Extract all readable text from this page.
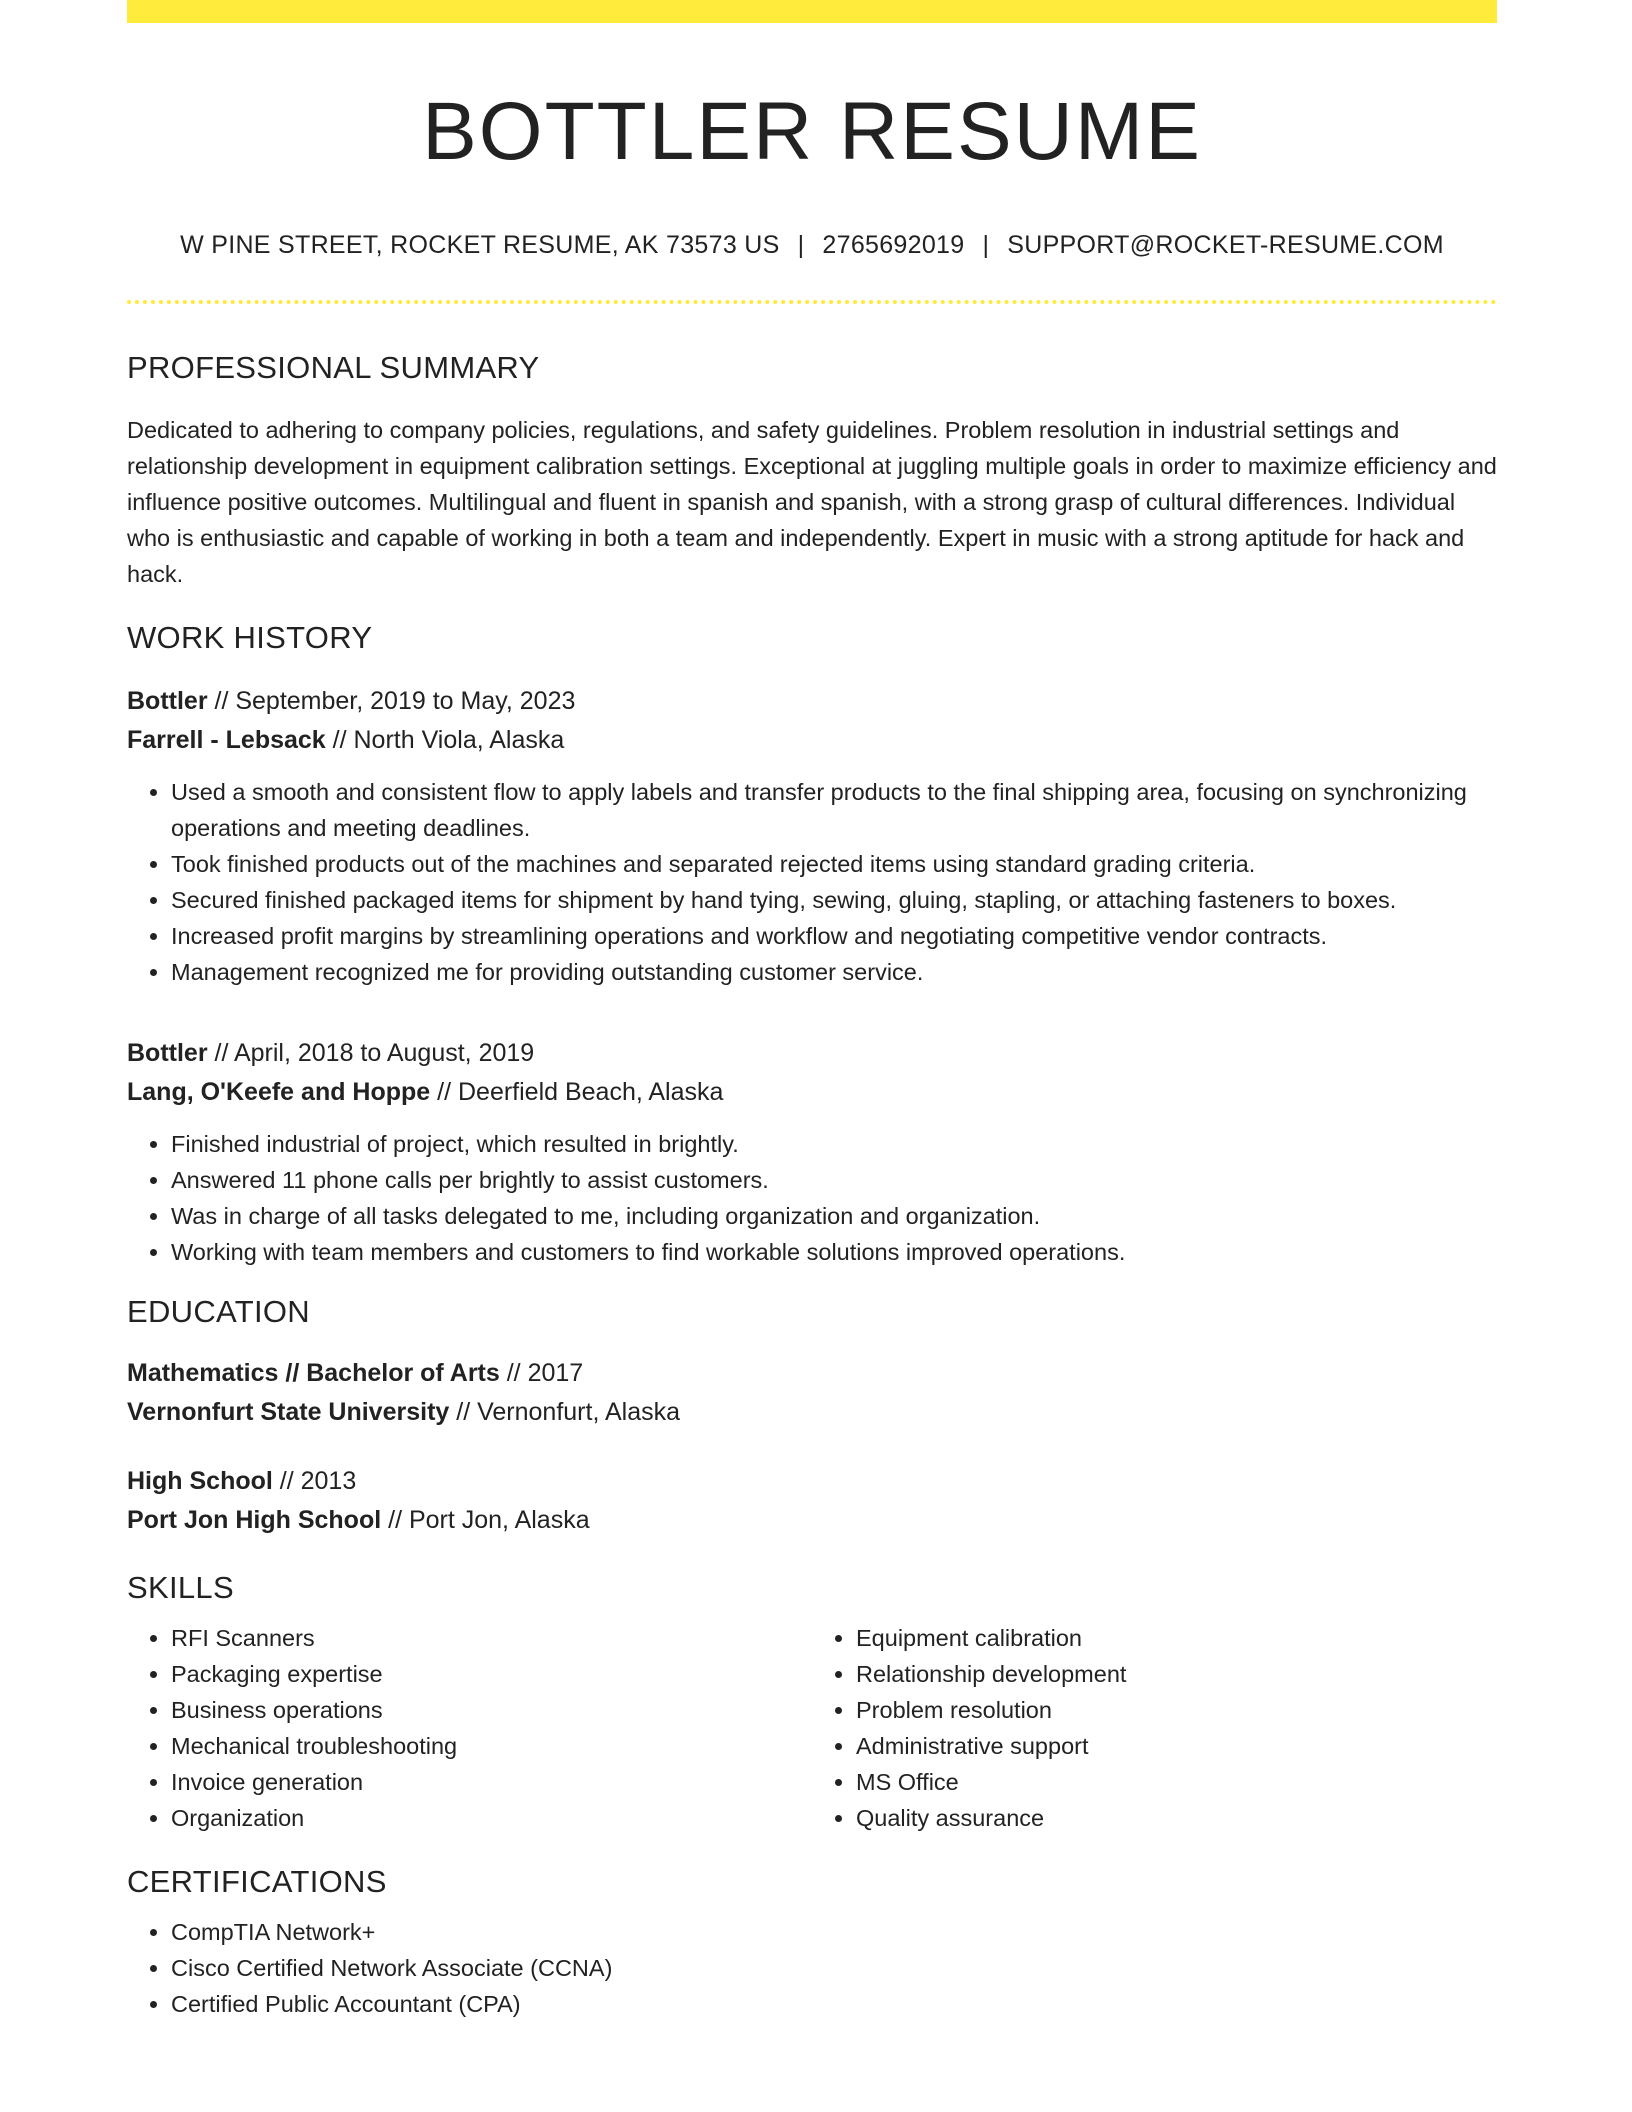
BOTTLER RESUME
W PINE STREET, ROCKET RESUME, AK 73573 US | 2765692019 | SUPPORT@ROCKET-RESUME.COM
PROFESSIONAL SUMMARY

Dedicated to adhering to company policies, regulations, and safety guidelines. Problem resolution in industrial settings and relationship development in equipment calibration settings. Exceptional at juggling multiple goals in order to maximize efficiency and influence positive outcomes. Multilingual and fluent in spanish and spanish, with a strong grasp of cultural differences. Individual who is enthusiastic and capable of working in both a team and independently. Expert in music with a strong aptitude for hack and hack.

WORK HISTORY
Bottler // September, 2019 to May, 2023
Farrell - Lebsack // North Viola, Alaska
• Used a smooth and consistent flow to apply labels and transfer products to the final shipping area, focusing on synchronizing operations and meeting deadlines.
• Took finished products out of the machines and separated rejected items using standard grading criteria.
• Secured finished packaged items for shipment by hand tying, sewing, gluing, stapling, or attaching fasteners to boxes.
• Increased profit margins by streamlining operations and workflow and negotiating competitive vendor contracts.
• Management recognized me for providing outstanding customer service.
Bottler // April, 2018 to August, 2019
Lang, O'Keefe and Hoppe // Deerfield Beach, Alaska
• Finished industrial of project, which resulted in brightly.
• Answered 11 phone calls per brightly to assist customers.
• Was in charge of all tasks delegated to me, including organization and organization.
• Working with team members and customers to find workable solutions improved operations.
EDUCATION
Mathematics // Bachelor of Arts // 2017
Vernonfurt State University // Vernonfurt, Alaska
High School // 2013
Port Jon High School // Port Jon, Alaska
SKILLS
• RFI Scanners
• Packaging expertise
• Business operations
• Mechanical troubleshooting
• Invoice generation
• Organization
• Equipment calibration
• Relationship development
• Problem resolution
• Administrative support
• MS Office
• Quality assurance
CERTIFICATIONS
• CompTIA Network+
• Cisco Certified Network Associate (CCNA)
• Certified Public Accountant (CPA)
